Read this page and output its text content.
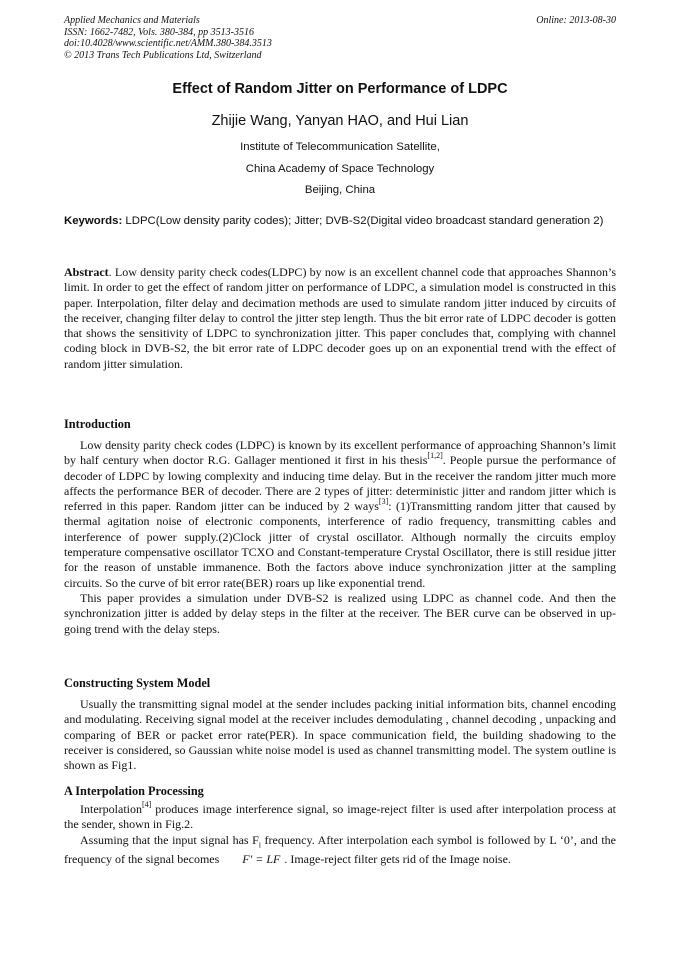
Applied Mechanics and Materials
ISSN: 1662-7482, Vols. 380-384, pp 3513-3516
doi:10.4028/www.scientific.net/AMM.380-384.3513
© 2013 Trans Tech Publications Ltd, Switzerland
Online: 2013-08-30
Effect of Random Jitter on Performance of LDPC
Zhijie Wang, Yanyan HAO, and Hui Lian
Institute of Telecommunication Satellite,
China Academy of Space Technology
Beijing, China
Keywords: LDPC(Low density parity codes); Jitter; DVB-S2(Digital video broadcast standard generation 2)

Abstract. Low density parity check codes(LDPC) by now is an excellent channel code that approaches Shannon’s limit. In order to get the effect of random jitter on performance of LDPC, a simulation model is constructed in this paper. Interpolation, filter delay and decimation methods are used to simulate random jitter induced by circuits of the receiver, changing filter delay to control the jitter step length. Thus the bit error rate of LDPC decoder is gotten that shows the sensitivity of LDPC to synchronization jitter. This paper concludes that, complying with channel coding block in DVB-S2, the bit error rate of LDPC decoder goes up on an exponential trend with the effect of random jitter simulation.

Introduction

Low density parity check codes (LDPC) is known by its excellent performance of approaching Shannon’s limit by half century when doctor R.G. Gallager mentioned it first in his thesis[1,2]. People pursue the performance of decoder of LDPC by lowing complexity and inducing time delay. But in the receiver the random jitter much more affects the performance BER of decoder. There are 2 types of jitter: deterministic jitter and random jitter which is referred in this paper. Random jitter can be induced by 2 ways[3]: (1)Transmitting random jitter that caused by thermal agitation noise of electronic components, interference of radio frequency, transmitting cables and interference of power supply.(2)Clock jitter of crystal oscillator. Although normally the circuits employ temperature compensative oscillator TCXO and Constant-temperature Crystal Oscillator, there is still residue jitter for the reason of unstable immanence. Both the factors above induce synchronization jitter at the sampling circuits. So the curve of bit error rate(BER) roars up like exponential trend.

This paper provides a simulation under DVB-S2 is realized using LDPC as channel code. And then the synchronization jitter is added by delay steps in the filter at the receiver. The BER curve can be observed in up-going trend with the delay steps.

Constructing System Model

Usually the transmitting signal model at the sender includes packing initial information bits, channel encoding and modulating. Receiving signal model at the receiver includes demodulating , channel decoding , unpacking and comparing of BER or packet error rate(PER). In space communication field, the building shadowing to the receiver is considered, so Gaussian white noise model is used as channel transmitting model. The system outline is shown as Fig1.

A Interpolation Processing

Interpolation[4] produces image interference signal, so image-reject filter is used after interpolation process at the sender, shown in Fig.2.

Assuming that the input signal has $F_l$ frequency. After interpolation each symbol is followed by L ‘0’, and the frequency of the signal becomes F′ = LF . Image-reject filter gets rid of the Image noise.
